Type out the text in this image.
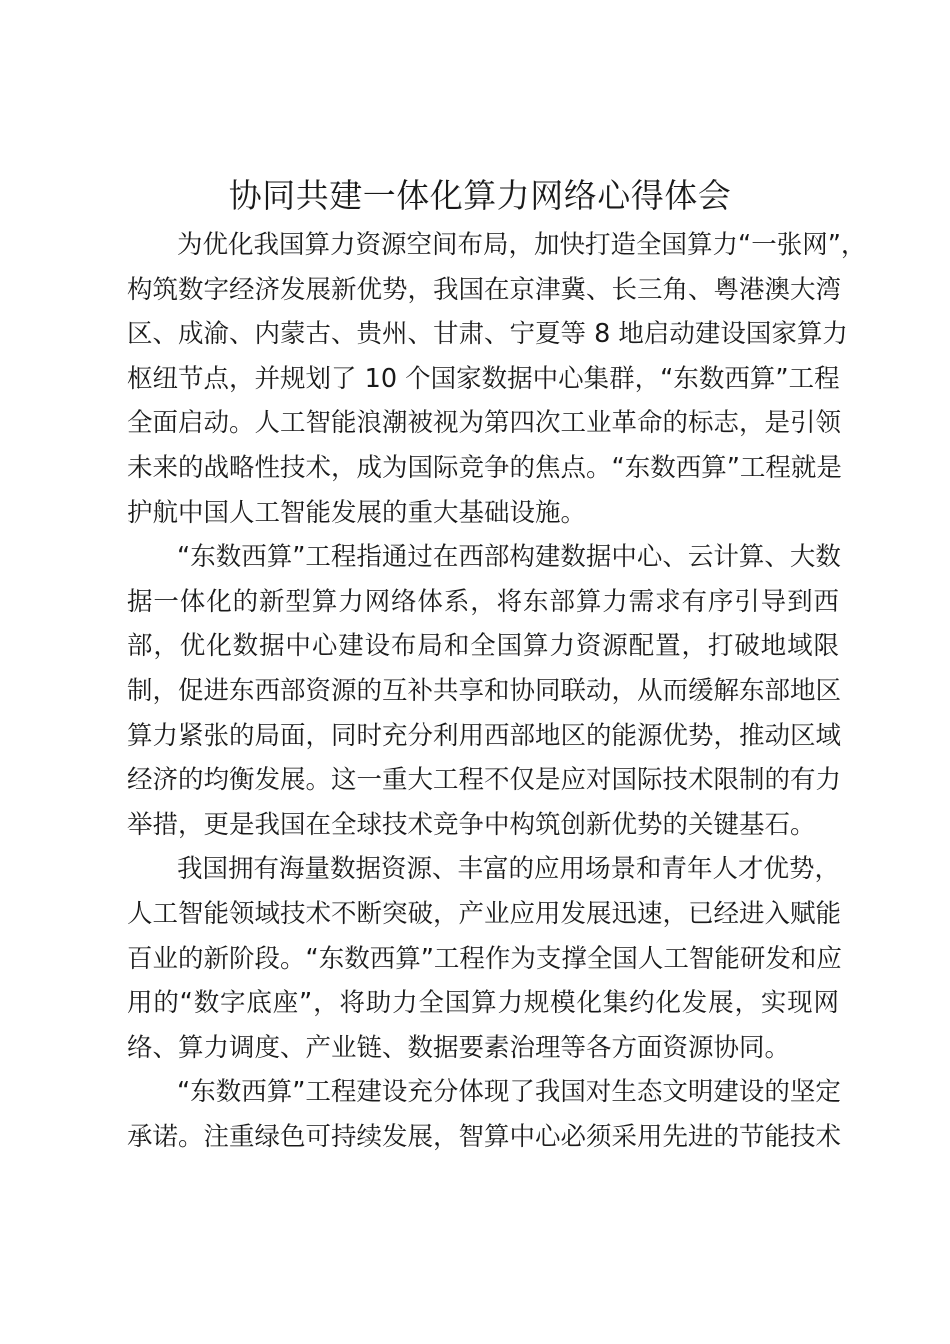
协同共建一体化算力网络心得体会
为优化我国算力资源空间布局，加快打造全国算力“一张网”，
构筑数字经济发展新优势，我国在京津冀、长三角、粤港澳大湾
区、成渝、内蒙古、贵州、甘肃、宁夏等 8 地启动建设国家算力
枢纽节点，并规划了 10 个国家数据中心集群，“东数西算”工程
全面启动。人工智能浪潮被视为第四次工业革命的标志，是引领
未来的战略性技术，成为国际竞争的焦点。“东数西算”工程就是
护航中国人工智能发展的重大基础设施。
“东数西算”工程指通过在西部构建数据中心、云计算、大数
据一体化的新型算力网络体系，将东部算力需求有序引导到西
部，优化数据中心建设布局和全国算力资源配置，打破地域限
制，促进东西部资源的互补共享和协同联动，从而缓解东部地区
算力紧张的局面，同时充分利用西部地区的能源优势，推动区域
经济的均衡发展。这一重大工程不仅是应对国际技术限制的有力
举措，更是我国在全球技术竞争中构筑创新优势的关键基石。
我国拥有海量数据资源、丰富的应用场景和青年人才优势，
人工智能领域技术不断突破，产业应用发展迅速，已经进入赋能
百业的新阶段。“东数西算”工程作为支撑全国人工智能研发和应
用的“数字底座”，将助力全国算力规模化集约化发展，实现网
络、算力调度、产业链、数据要素治理等各方面资源协同。
“东数西算”工程建设充分体现了我国对生态文明建设的坚定
承诺。注重绿色可持续发展，智算中心必须采用先进的节能技术
